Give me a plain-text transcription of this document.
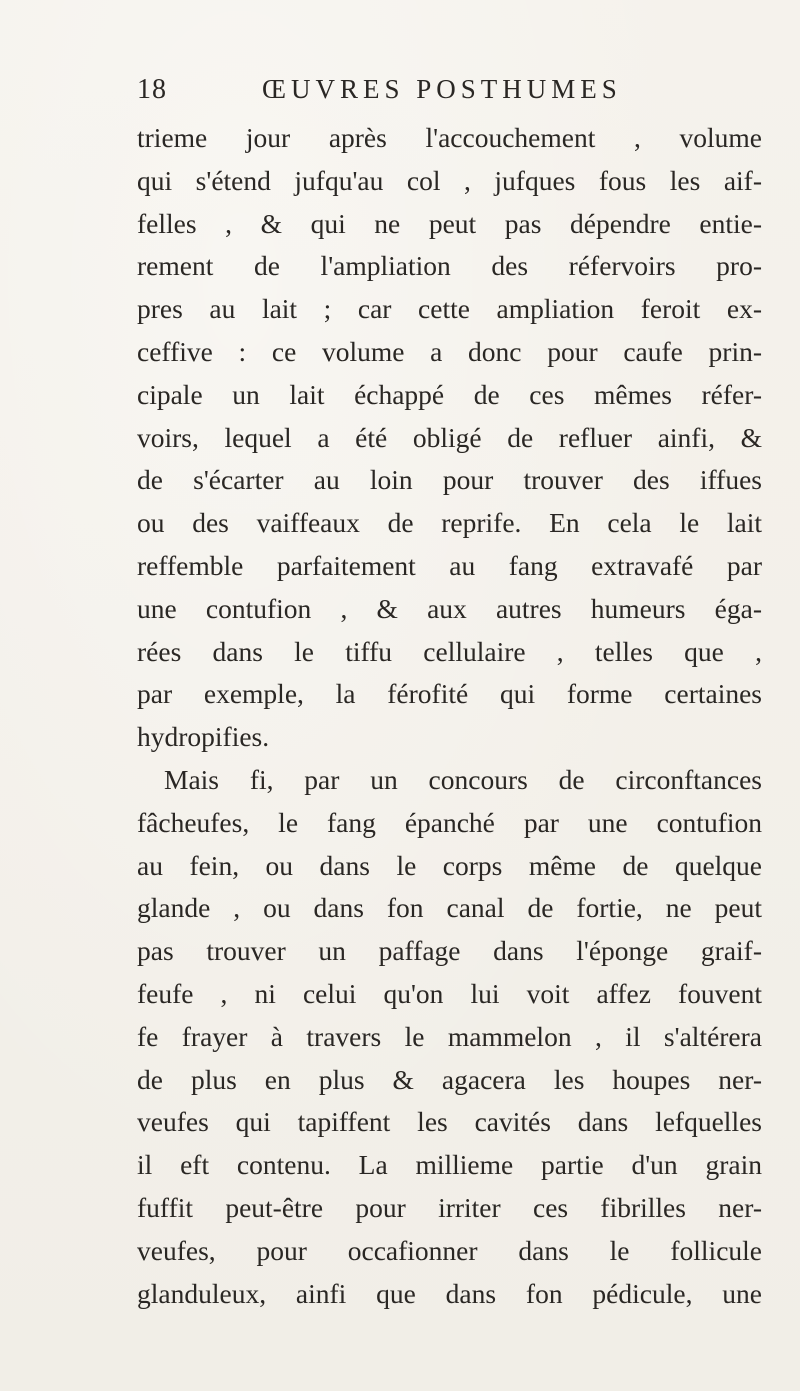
18	ŒUVRES POSTHUMES
trieme jour après l'accouchement , volume
qui s'étend jufqu'au col , jufques fous les aif-
felles , & qui ne peut pas dépendre entie-
rement de l'ampliation des réfervoirs pro-
pres au lait ; car cette ampliation feroit ex-
ceffive : ce volume a donc pour caufe prin-
cipale un lait échappé de ces mêmes réfer-
voirs, lequel a été obligé de refluer ainfi, &
de s'écarter au loin pour trouver des iffues
ou des vaiffeaux de reprife. En cela le lait
reffemble parfaitement au fang extravafé par
une contufion , & aux autres humeurs éga-
rées dans le tiffu cellulaire , telles que ,
par exemple, la férofité qui forme certaines
hydropifies.
Mais fi, par un concours de circonftances
fâcheufes, le fang épanché par une contufion
au fein, ou dans le corps même de quelque
glande , ou dans fon canal de fortie, ne peut
pas trouver un paffage dans l'éponge graif-
feufe , ni celui qu'on lui voit affez fouvent
fe frayer à travers le mammelon , il s'altérera
de plus en plus & agacera les houpes ner-
veufes qui tapiffent les cavités dans lefquelles
il eft contenu. La millieme partie d'un grain
fuffit peut-être pour irriter ces fibrilles ner-
veufes, pour occafionner dans le follicule
glanduleux, ainfi que dans fon pédicule, une
